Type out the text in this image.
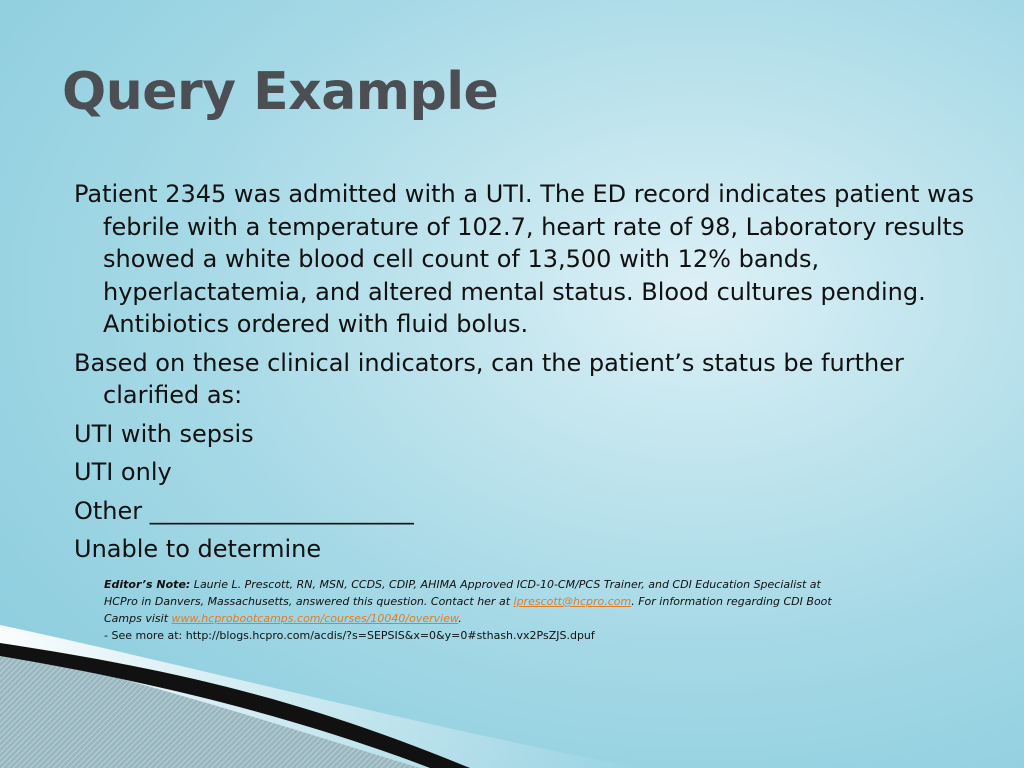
Query Example

Patient 2345 was admitted with a UTI. The ED record indicates patient was febrile with a temperature of 102.7, heart rate of 98, Laboratory results showed a white blood cell count of 13,500 with 12% bands, hyperlactatemia, and altered mental status. Blood cultures pending. Antibiotics ordered with fluid bolus.

Based on these clinical indicators, can the patient’s status be further clarified as:

UTI with sepsis

UTI only

Other ______________________

Unable to determine

Editor’s Note: Laurie L. Prescott, RN, MSN, CCDS, CDIP, AHIMA Approved ICD-10-CM/PCS Trainer, and CDI Education Specialist at HCPro in Danvers, Massachusetts, answered this question. Contact her at lprescott@hcpro.com. For information regarding CDI Boot Camps visit www.hcprobootcamps.com/courses/10040/overview.
- See more at: http://blogs.hcpro.com/acdis/?s=SEPSIS&x=0&y=0#sthash.vx2PsZJS.dpuf
